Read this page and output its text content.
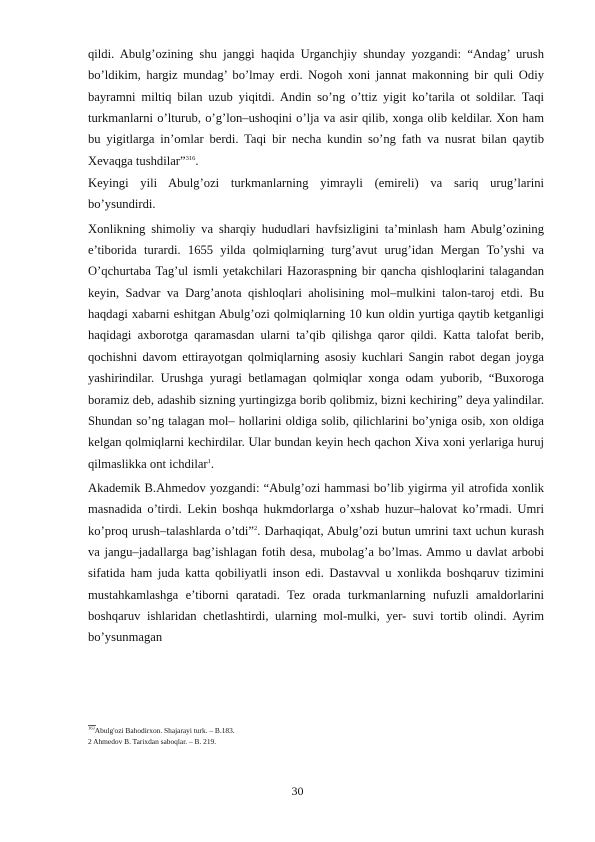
qildi. Abulg’ozining shu janggi haqida Urganchjiy shunday yozgandi: “Andag’ urush bo’ldikim, hargiz mundag’ bo’lmay erdi. Nogoh xoni jannat makonning bir quli Odiy bayramni miltiq bilan uzub yiqitdi. Andin so’ng o’ttiz yigit ko’tarila ot soldilar. Taqi turkmanlarni o’lturub, o’g’lon–ushoqini o’lja va asir qilib, xonga olib keldilar. Xon ham bu yigitlarga in’omlar berdi. Taqi bir necha kundin so’ng fath va nusrat bilan qaytib Xevaqga tushdilar”$^{316}$.

Keyingi yili Abulg’ozi turkmanlarning yimrayli (emireli) va sariq urug’larini bo’ysundirdi.

Xonlikning shimoliy va sharqiy hududlari havfsizligini ta’minlash ham Abulg’ozining e’tiborida turardi. 1655 yilda qolmiqlarning turg’avut urug’idan Mergan To’yshi va O’qchurtaba Tag’ul ismli yetakchilari Hazoraspning bir qancha qishloqlarini talagandan keyin, Sadvar va Darg’anota qishloqlari aholisining mol–mulkini talon-taroj etdi. Bu haqdagi xabarni eshitgan Abulg’ozi qolmiqlarning 10 kun oldin yurtiga qaytib ketganligi haqidagi axborotga qaramasdan ularni ta’qib qilishga qaror qildi. Katta talofat berib, qochishni davom ettirayotgan qolmiqlarning asosiy kuchlari Sangin rabot degan joyga yashirindilar. Urushga yuragi betlamagan qolmiqlar xonga odam yuborib, “Buxoroga boramiz deb, adashib sizning yurtingizga borib qolibmiz, bizni kechiring” deya yalindilar. Shundan so’ng talagan mol– hollarini oldiga solib, qilichlarini bo’yniga osib, xon oldiga kelgan qolmiqlarni kechirdilar. Ular bundan keyin hech qachon Xiva xoni yerlariga huruj qilmaslikka ont ichdilar$^1$.

Akademik B.Ahmedov yozgandi: “Abulg’ozi hammasi bo’lib yigirma yil atrofida xonlik masnadida o’tirdi. Lekin boshqa hukmdorlarga o’xshab huzur–halovat ko’rmadi. Umri ko’proq urush–talashlarda o’tdi”$^2$. Darhaqiqat, Abulg’ozi butun umrini taxt uchun kurash va jangu–jadallarga bag’ishlagan fotih desa, mubolag’a bo’lmas. Ammo u davlat arbobi sifatida ham juda katta qobiliyatli inson edi. Dastavval u xonlikda boshqaruv tizimini mustahkamlashga e’tiborni qaratadi. Tez orada turkmanlarning nufuzli amaldorlarini boshqaruv ishlaridan chetlashtirdi, ularning mol-mulki, yer- suvi tortib olindi. Ayrim bo’ysunmagan

$^{163}$Abulg'ozi Bahodirxon. Shajarayi turk. – B.183.
2 Ahmedov B. Tarixdan saboqlar. – B. 219.
30
